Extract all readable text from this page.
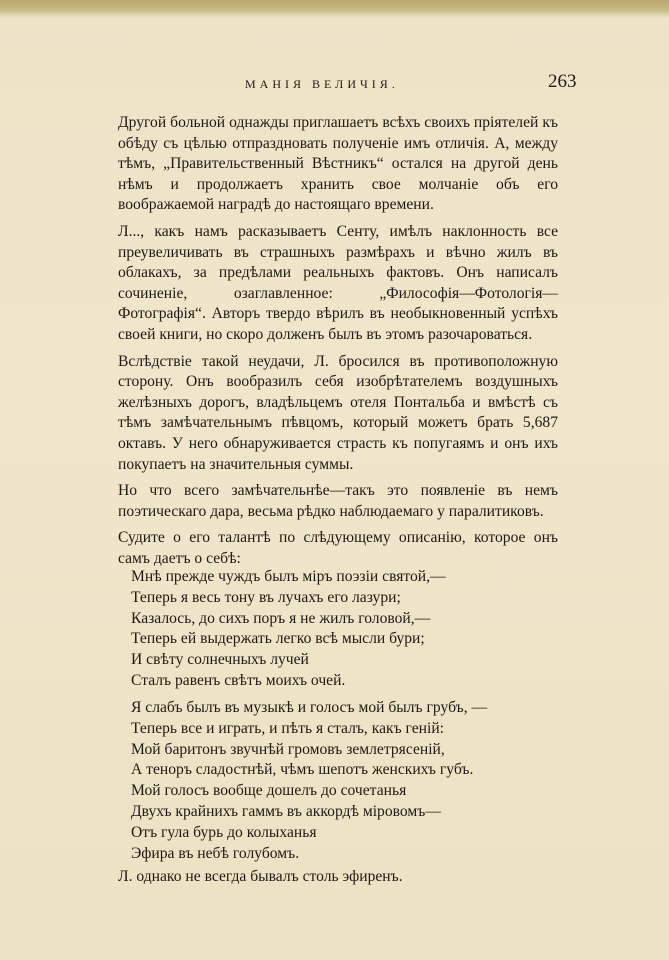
МАНІЯ ВЕЛИЧІЯ.	263

Другой больной однажды приглашаетъ всѣхъ своихъ пріятелей къ обѣду съ цѣлью отпраздновать полученіе имъ отличія. А, между тѣмъ, „Правительственный Вѣстникъ“ остался на другой день нѣмъ и продолжаетъ хранить свое молчаніе объ его воображаемой наградѣ до настоящаго времени.

Л..., какъ намъ расказываетъ Сенту, имѣлъ наклонность все преувеличивать въ страшныхъ размѣрахъ и вѣчно жилъ въ облакахъ, за предѣлами реальныхъ фактовъ. Онъ написалъ сочиненіе, озаглавленное: „Философія—Фотологія—Фотографія“. Авторъ твердо вѣрилъ въ необыкновенный успѣхъ своей книги, но скоро долженъ былъ въ этомъ разочароваться.

Вслѣдствіе такой неудачи, Л. бросился въ противоположную сторону. Онъ вообразилъ себя изобрѣтателемъ воздушныхъ желѣзныхъ дорогъ, владѣльцемъ отеля Понтальба и вмѣстѣ съ тѣмъ замѣчательнымъ пѣвцомъ, который можетъ брать 5,687 октавъ. У него обнаруживается страсть къ попугаямъ и онъ ихъ покупаетъ на значительныя суммы.

Но что всего замѣчательнѣе—такъ это появленіе въ немъ поэтическаго дара, весьма рѣдко наблюдаемаго у паралитиковъ.

Судите о его талантѣ по слѣдующему описанію, которое онъ самъ даетъ о себѣ:

Мнѣ прежде чуждъ былъ міръ поэзіи святой,—
Теперь я весь тону въ лучахъ его лазури;
Казалось, до сихъ поръ я не жилъ головой,—
Теперь ей выдержать легко всѣ мысли бури;
И свѣту солнечныхъ лучей
Сталъ равенъ свѣтъ моихъ очей.
Я слабъ былъ въ музыкѣ и голосъ мой былъ грубъ, —
Теперь все и играть, и пѣть я сталъ, какъ геній:
Мой баритонъ звучнѣй громовъ землетрясеній,
А теноръ сладостнѣй, чѣмъ шепотъ женскихъ губъ.
Мой голосъ вообще дошелъ до сочетанья
Двухъ крайнихъ гаммъ въ аккордѣ міровомъ—
Отъ гула бурь до колыханья
Эфира въ небѣ голубомъ.
Л. однако не всегда бывалъ столь эфиренъ.
